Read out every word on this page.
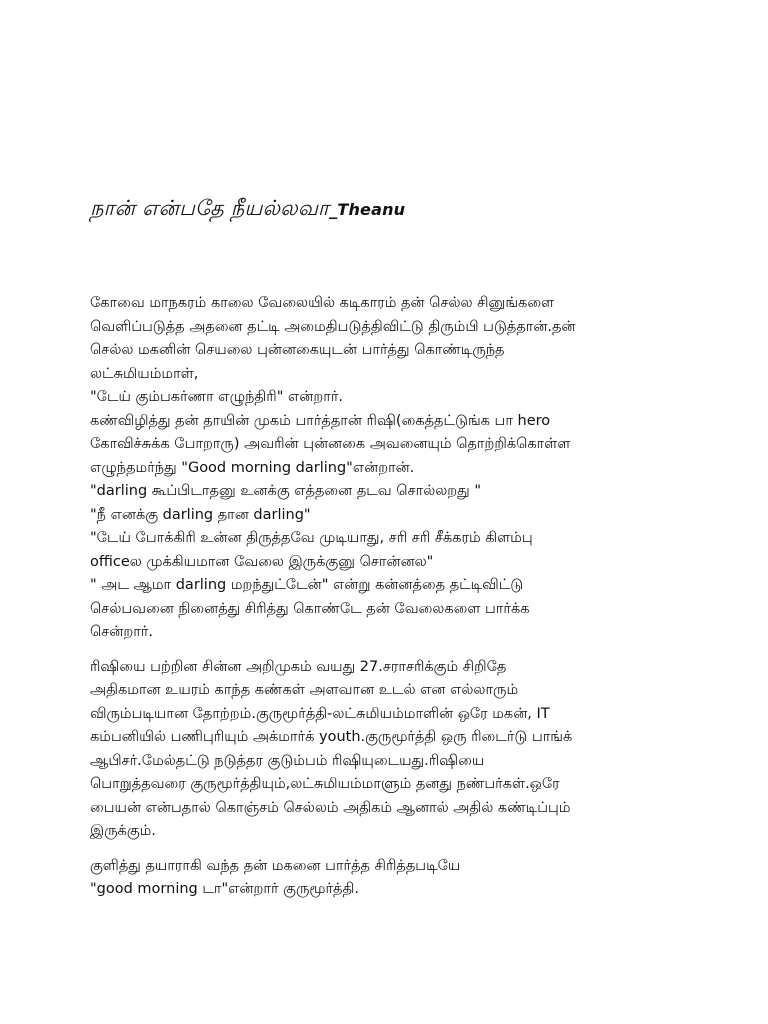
நான் என்பதே நீயல்லவா_Theanu
கோவை மாநகரம் காலை வேலையில் கடிகாரம் தன் செல்ல சினுங்களை
வெளிப்படுத்த அதனை தட்டி அமைதிபடுத்திவிட்டு திரும்பி படுத்தான்.தன்
செல்ல மகனின் செயலை புன்னகையுடன் பார்த்து கொண்டிருந்த
லட்சுமியம்மாள்,
"டேய் கும்பகர்ணா எழுந்திரி" என்றார்.
கண்விழித்து தன் தாயின் முகம் பார்த்தான் ரிஷி(கைத்தட்டுங்க பா hero
கோவிச்சுக்க போறாரு) அவரின் புன்னகை அவனையும் தொற்றிக்கொள்ள
எழுந்தமர்ந்து "Good morning darling"என்றான்.
"darling கூப்பிடாதனு உனக்கு எத்தனை தடவ சொல்லறது "
"நீ எனக்கு darling தான darling"
"டேய் போக்கிரி உன்ன திருத்தவே முடியாது, சரி சரி சீக்கரம் கிளம்பு
officeல முக்கியமான வேலை இருக்குனு சொன்னல"
" அட ஆமா darling மறந்துட்டேன்" என்று கன்னத்தை தட்டிவிட்டு
செல்பவனை நினைத்து சிரித்து கொண்டே தன் வேலைகளை பார்க்க
சென்றார்.
ரிஷியை பற்றின சின்ன அறிமுகம் வயது 27.சராசரிக்கும் சிறிதே
அதிகமான உயரம் காந்த கண்கள் அளவான உடல் என எல்லாரும்
விரும்படியான தோற்றம்.குருமூர்த்தி-லட்சுமியம்மாளின் ஒரே மகன், IT
கம்பனியில் பணிபுரியும் அக்மார்க் youth.குருமூர்த்தி ஒரு ரிடைர்டு பாங்க்
ஆபிசர்.மேல்தட்டு நடுத்தர குடும்பம் ரிஷியுடையது.ரிஷியை
பொறுத்தவரை குருமூர்த்தியும்,லட்சுமியம்மாளும் தனது நண்பர்கள்.ஒரே
பையன் என்பதால் கொஞ்சம் செல்லம் அதிகம் ஆனால் அதில் கண்டிப்பும்
இருக்கும்.
குளித்து தயாராகி வந்த தன் மகனை பார்த்த சிரித்தபடியே
"good morning டா"என்றார் குருமூர்த்தி.
